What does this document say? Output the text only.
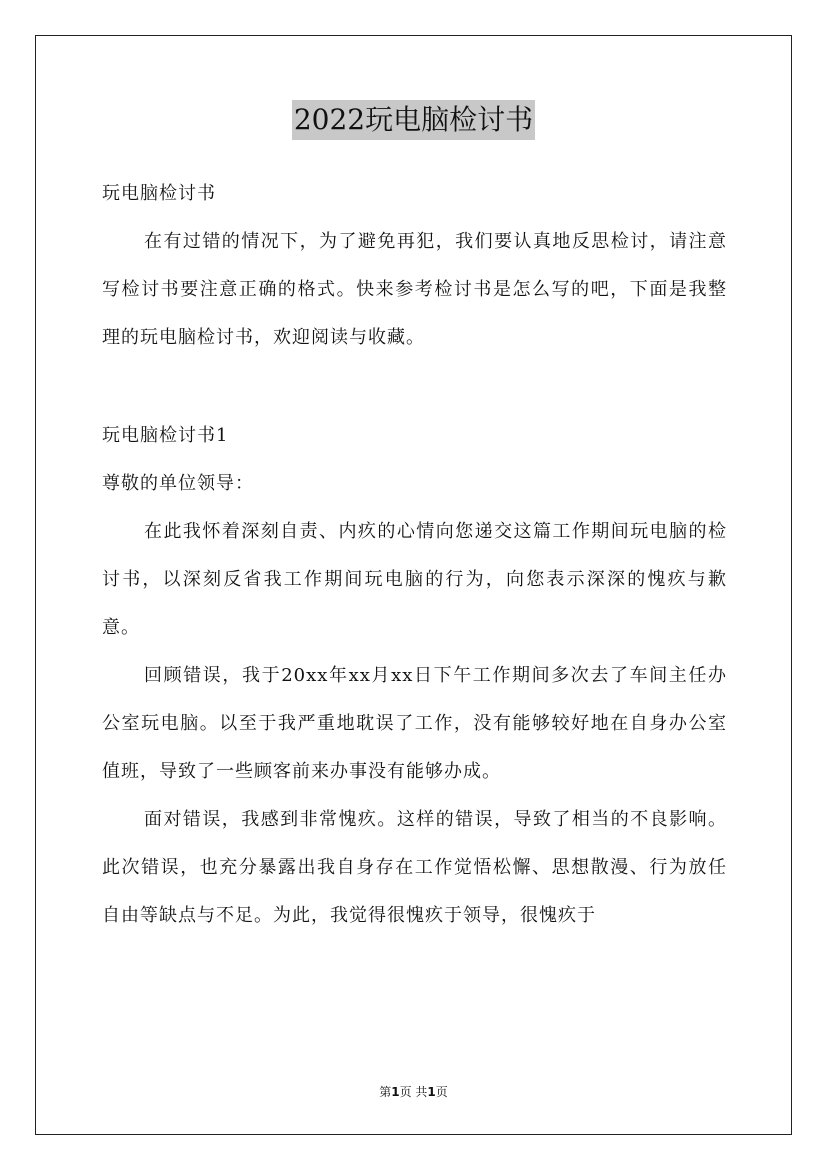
2022玩电脑检讨书

玩电脑检讨书

在有过错的情况下，为了避免再犯，我们要认真地反思检讨，请注意写检讨书要注意正确的格式。快来参考检讨书是怎么写的吧，下面是我整理的玩电脑检讨书，欢迎阅读与收藏。

玩电脑检讨书1

尊敬的单位领导：

在此我怀着深刻自责、内疚的心情向您递交这篇工作期间玩电脑的检讨书，以深刻反省我工作期间玩电脑的行为，向您表示深深的愧疚与歉意。

回顾错误，我于20xx年xx月xx日下午工作期间多次去了车间主任办公室玩电脑。以至于我严重地耽误了工作，没有能够较好地在自身办公室值班，导致了一些顾客前来办事没有能够办成。

面对错误，我感到非常愧疚。这样的错误，导致了相当的不良影响。此次错误，也充分暴露出我自身存在工作觉悟松懈、思想散漫、行为放任自由等缺点与不足。为此，我觉得很愧疚于领导，很愧疚于

第1页 共1页
